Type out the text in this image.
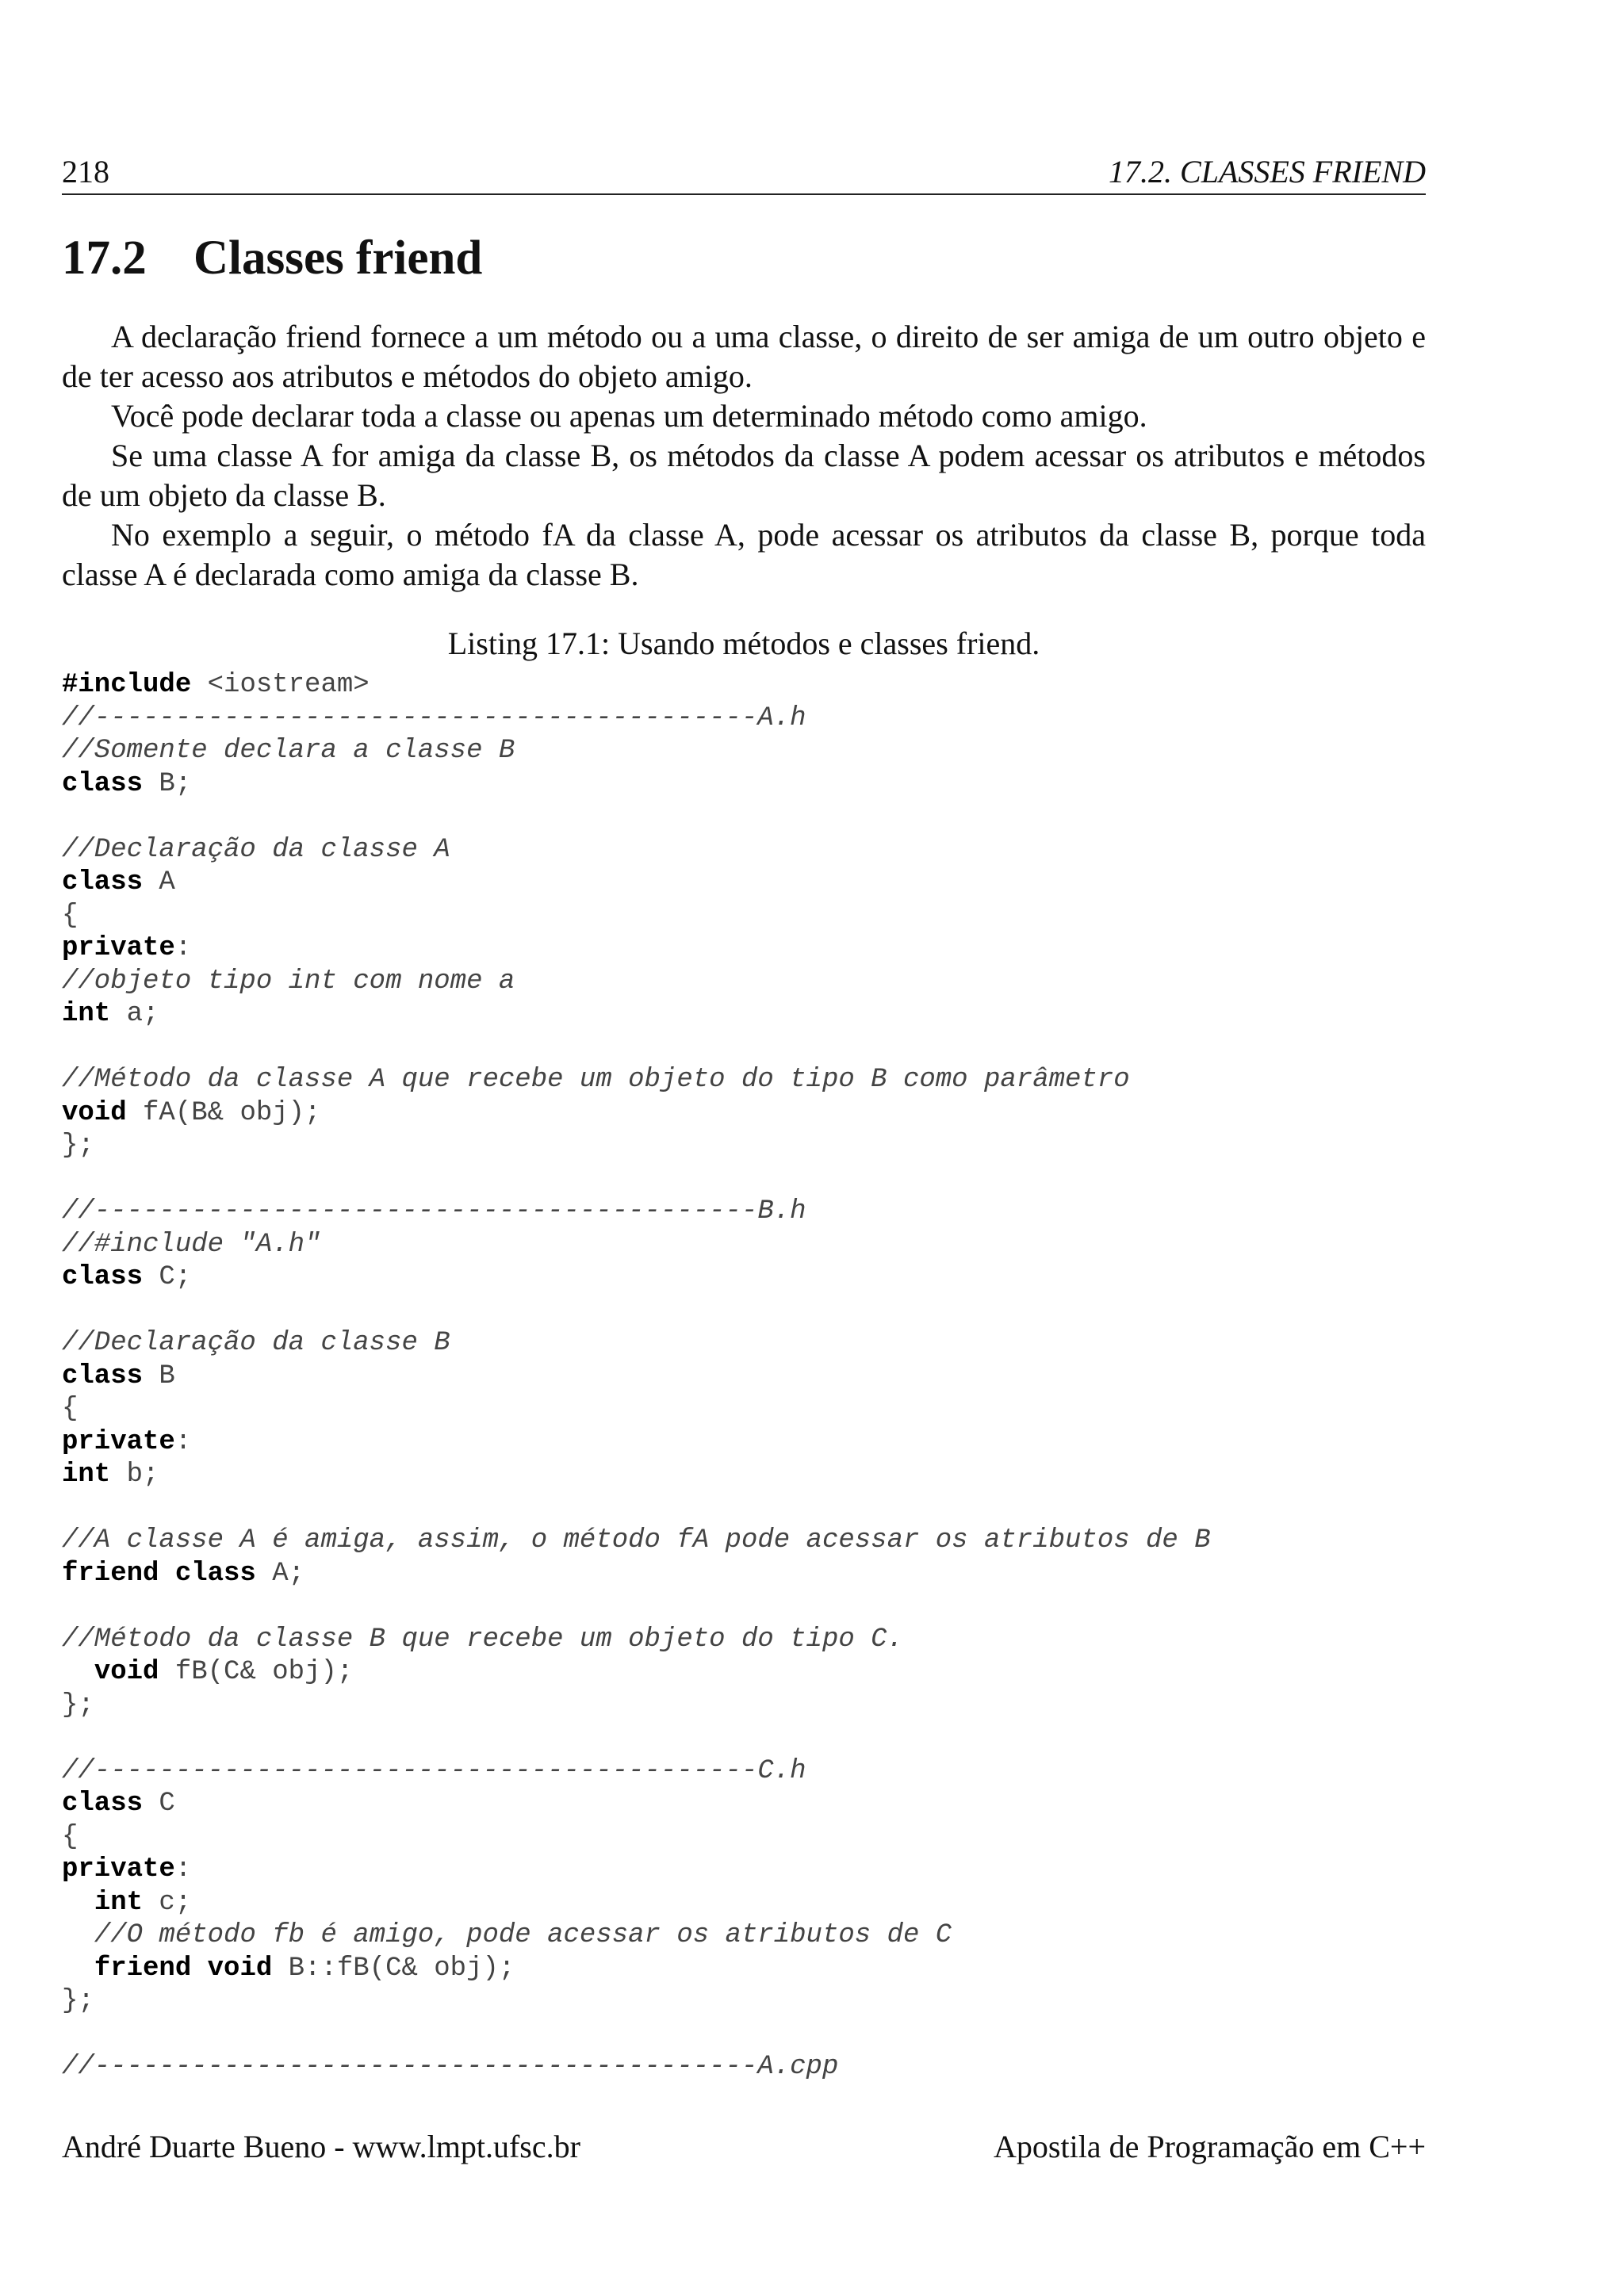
218	17.2. CLASSES FRIEND
17.2 Classes friend

A declaração friend fornece a um método ou a uma classe, o direito de ser amiga de um outro objeto e de ter acesso aos atributos e métodos do objeto amigo.

Você pode declarar toda a classe ou apenas um determinado método como amigo.

Se uma classe A for amiga da classe B, os métodos da classe A podem acessar os atributos e métodos de um objeto da classe B.

No exemplo a seguir, o método fA da classe A, pode acessar os atributos da classe B, porque toda classe A é declarada como amiga da classe B.

Listing 17.1: Usando métodos e classes friend.
#include <iostream>
//-----------------------------------------A.h
//Somente declara a classe B
class B;
//Declaração da classe A
class A
{
private:
//objeto tipo int com nome a
int a;
//Método da classe A que recebe um objeto do tipo B como parâmetro
void fA(B& obj);
};
//-----------------------------------------B.h
//#include "A.h"
class C;
//Declaração da classe B
class B
{
private:
int b;
//A classe A é amiga, assim, o método fA pode acessar os atributos de B
friend class A;
//Método da classe B que recebe um objeto do tipo C.
void fB(C& obj);
};
//-----------------------------------------C.h
class C
{
private:
int c;
//O método fb é amigo, pode acessar os atributos de C
friend void B::fB(C& obj);
};
//-----------------------------------------A.cpp
André Duarte Bueno - www.lmpt.ufsc.br	Apostila de Programação em C++
